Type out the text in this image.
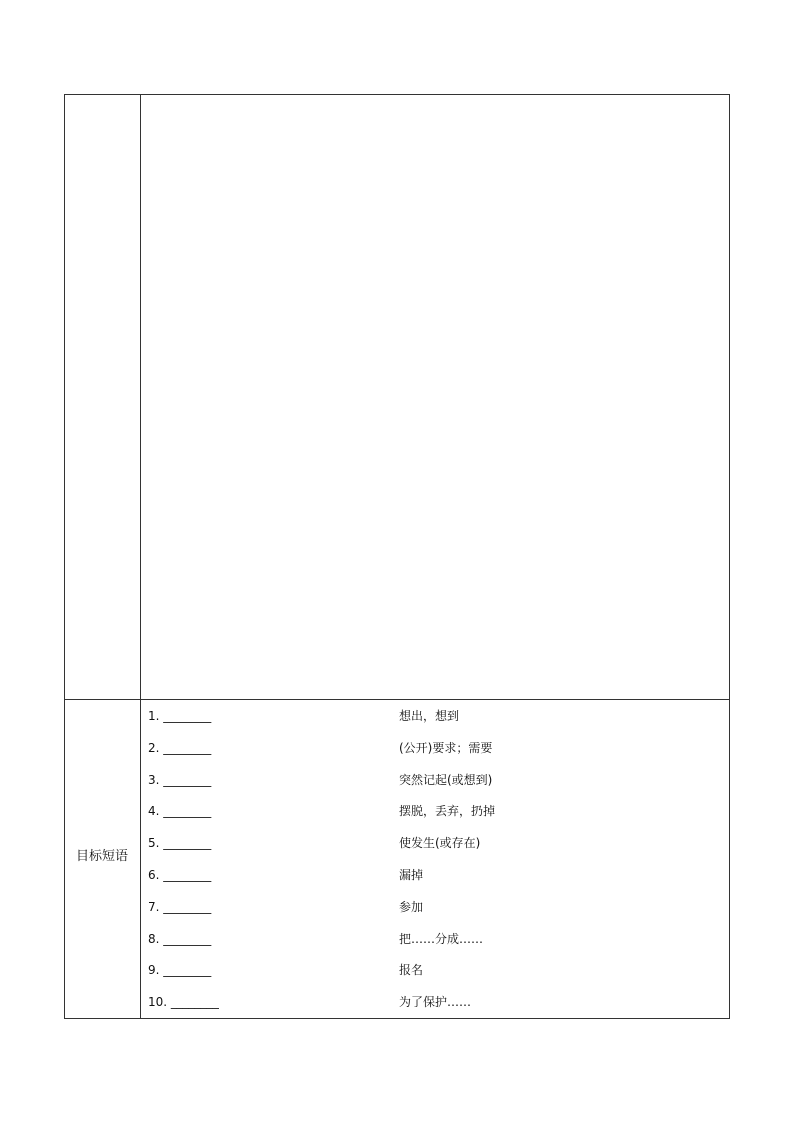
目标短语
1. ________	想出，想到
2. ________	(公开)要求；需要
3. ________	突然记起(或想到)
4. ________	摆脱，丢弃，扔掉
5. ________	使发生(或存在)
6. ________	漏掉
7. ________	参加
8. ________	把……分成……
9. ________	报名
10. ________	为了保护……
